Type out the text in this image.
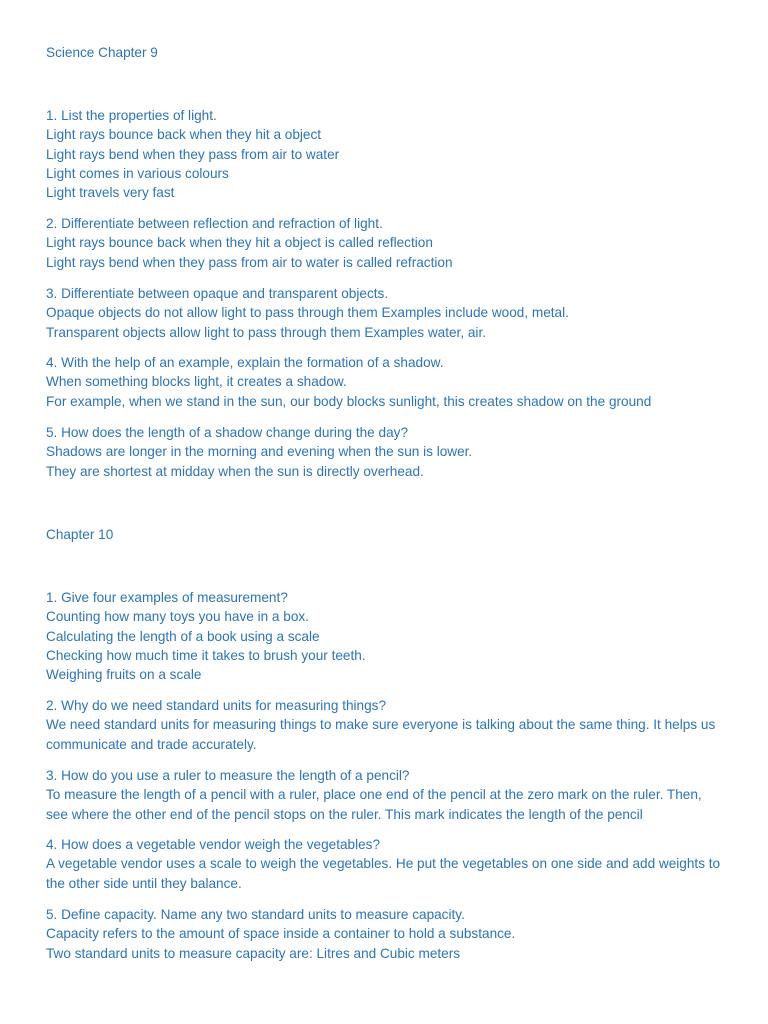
Science Chapter 9
1. List the properties of light.
Light rays bounce back when they hit a object
Light rays bend when they pass from air to water
Light comes in various colours
Light travels very fast
2. Differentiate between reflection and refraction of light.
Light rays bounce back when they hit a object is called reflection
Light rays bend when they pass from air to water is called refraction
3. Differentiate between opaque and transparent objects.
Opaque objects do not allow light to pass through them Examples include wood, metal.
Transparent objects allow light to pass through them Examples water, air.
4. With the help of an example, explain the formation of a shadow.
When something blocks light, it creates a shadow.
For example, when we stand in the sun, our body blocks sunlight, this creates shadow on the ground
5. How does the length of a shadow change during the day?
Shadows are longer in the morning and evening when the sun is lower.
They are shortest at midday when the sun is directly overhead.
Chapter 10
1. Give four examples of measurement?
Counting how many toys you have in a box.
Calculating the length of a book using a scale
Checking how much time it takes to brush your teeth.
Weighing fruits on a scale
2. Why do we need standard units for measuring things?
We need standard units for measuring things to make sure everyone is talking about the same thing. It helps us communicate and trade accurately.
3. How do you use a ruler to measure the length of a pencil?
To measure the length of a pencil with a ruler, place one end of the pencil at the zero mark on the ruler. Then, see where the other end of the pencil stops on the ruler. This mark indicates the length of the pencil
4. How does a vegetable vendor weigh the vegetables?
A vegetable vendor uses a scale to weigh the vegetables. He put the vegetables on one side and add weights to the other side until they balance.
5. Define capacity. Name any two standard units to measure capacity.
Capacity refers to the amount of space inside a container to hold a substance.
Two standard units to measure capacity are: Litres and Cubic meters
